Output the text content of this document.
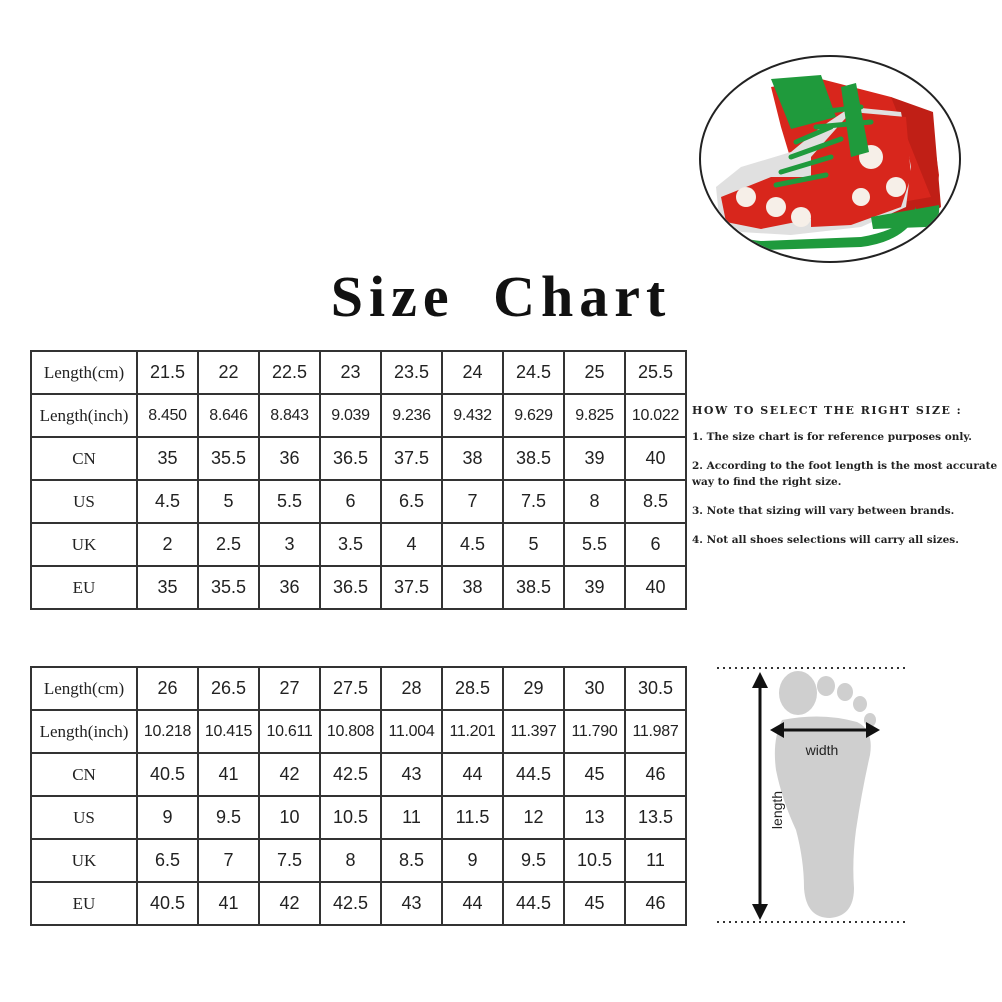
Size Chart
Length(cm)	21.5	22	22.5	23	23.5	24	24.5	25	25.5
Length(inch)	8.450	8.646	8.843	9.039	9.236	9.432	9.629	9.825	10.022
CN	35	35.5	36	36.5	37.5	38	38.5	39	40
US	4.5	5	5.5	6	6.5	7	7.5	8	8.5
UK	2	2.5	3	3.5	4	4.5	5	5.5	6
EU	35	35.5	36	36.5	37.5	38	38.5	39	40
Length(cm)	26	26.5	27	27.5	28	28.5	29	30	30.5
Length(inch)	10.218	10.415	10.611	10.808	11.004	11.201	11.397	11.790	11.987
CN	40.5	41	42	42.5	43	44	44.5	45	46
US	9	9.5	10	10.5	11	11.5	12	13	13.5
UK	6.5	7	7.5	8	8.5	9	9.5	10.5	11
EU	40.5	41	42	42.5	43	44	44.5	45	46
HOW TO SELECT THE RIGHT SIZE :

1. The size chart is for reference purposes only.

2. According to the foot length is the most accurate way to find the right size.

3. Note that sizing will vary between brands.

4. Not all shoes selections will carry all sizes.

width
length
